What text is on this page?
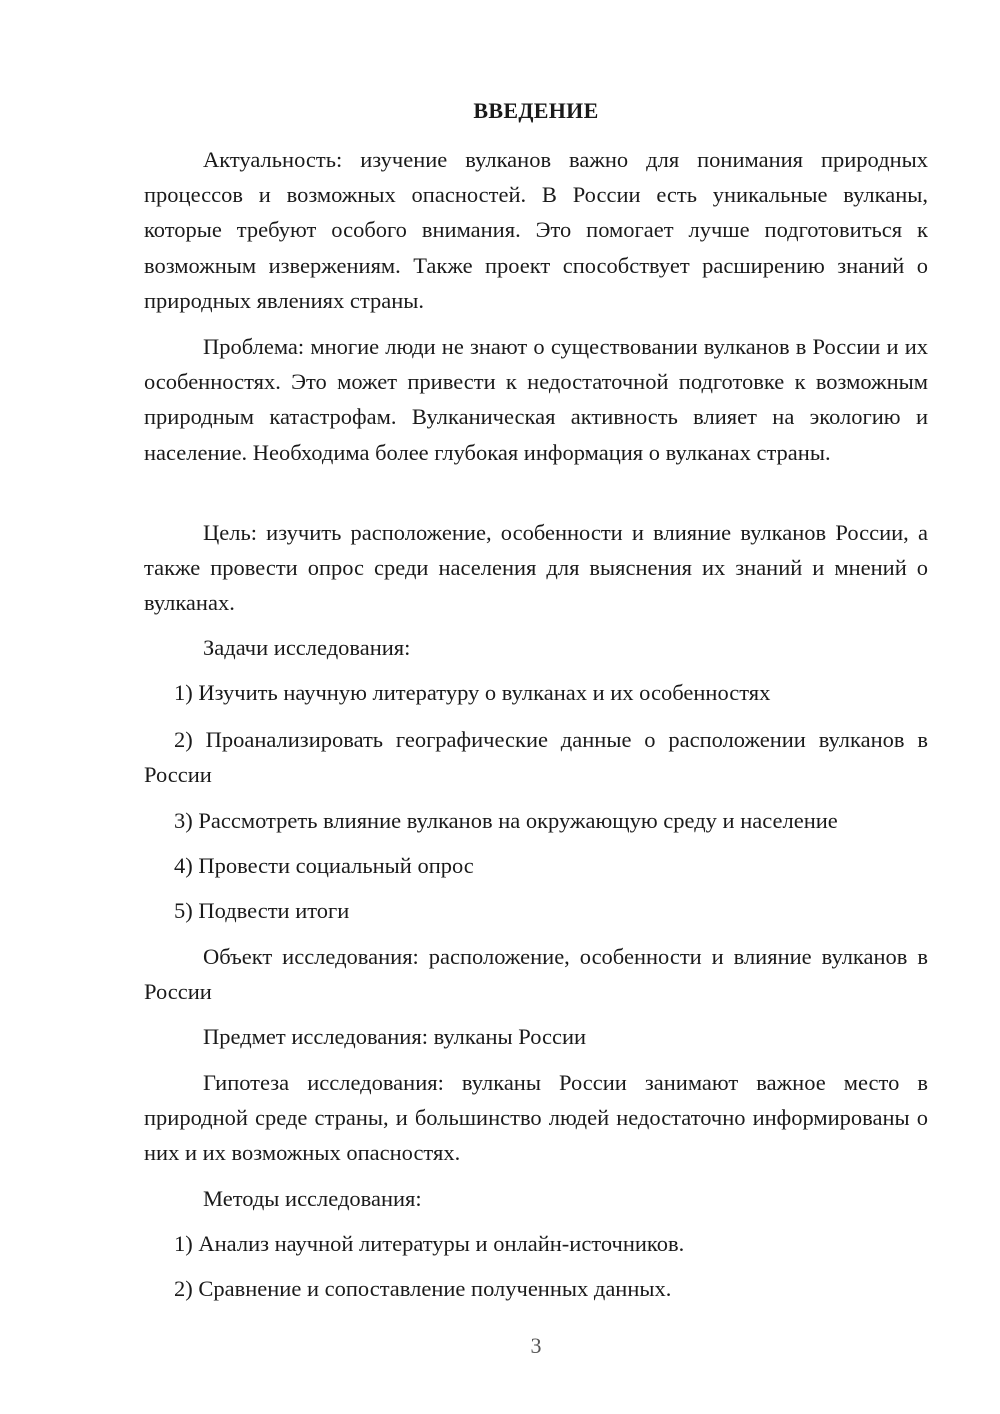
ВВЕДЕНИЕ

Актуальность: изучение вулканов важно для понимания природных процессов и возможных опасностей. В России есть уникальные вулканы, которые требуют особого внимания. Это помогает лучше подготовиться к возможным извержениям. Также проект способствует расширению знаний о природных явлениях страны.

Проблема: многие люди не знают о существовании вулканов в России и их особенностях. Это может привести к недостаточной подготовке к возможным природным катастрофам. Вулканическая активность влияет на экологию и население. Необходима более глубокая информация о вулканах страны.

Цель: изучить расположение, особенности и влияние вулканов России, а также провести опрос среди населения для выяснения их знаний и мнений о вулканах.

Задачи исследования:

1) Изучить научную литературу о вулканах и их особенностях

2) Проанализировать географические данные о расположении вулканов в России

3) Рассмотреть влияние вулканов на окружающую среду и население

4) Провести социальный опрос

5) Подвести итоги

Объект исследования: расположение, особенности и влияние вулканов в России

Предмет исследования: вулканы России

Гипотеза исследования: вулканы России занимают важное место в природной среде страны, и большинство людей недостаточно информированы о них и их возможных опасностях.

Методы исследования:

1) Анализ научной литературы и онлайн-источников.

2) Сравнение и сопоставление полученных данных.

3
